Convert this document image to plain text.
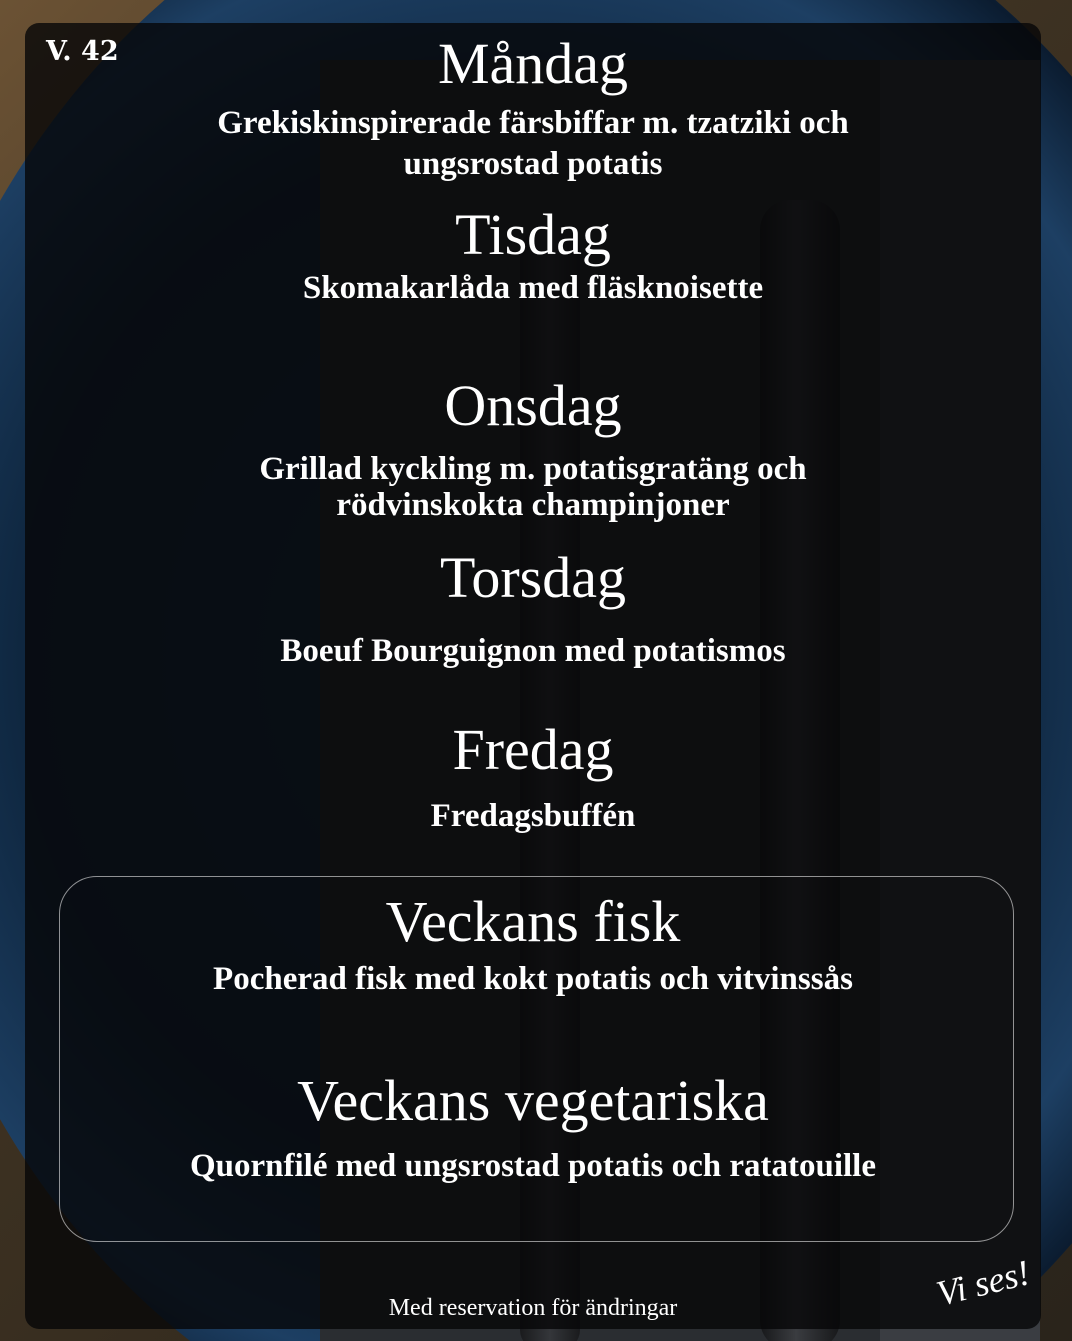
V. 42	Måndag
Grekiskinspirerade färsbiffar m. tzatziki och
ungsrostad potatis
Tisdag
Skomakarlåda med fläsknoisette
Onsdag
Grillad kyckling m. potatisgratäng och
rödvinskokta champinjoner
Torsdag
Boeuf Bourguignon med potatismos
Fredag
Fredagsbuffén
Veckans fisk
Pocherad fisk med kokt potatis och vitvinssås
Veckans vegetariska
Quornfilé med ungsrostad potatis och ratatouille
Med reservation för ändringar	Vi ses!
